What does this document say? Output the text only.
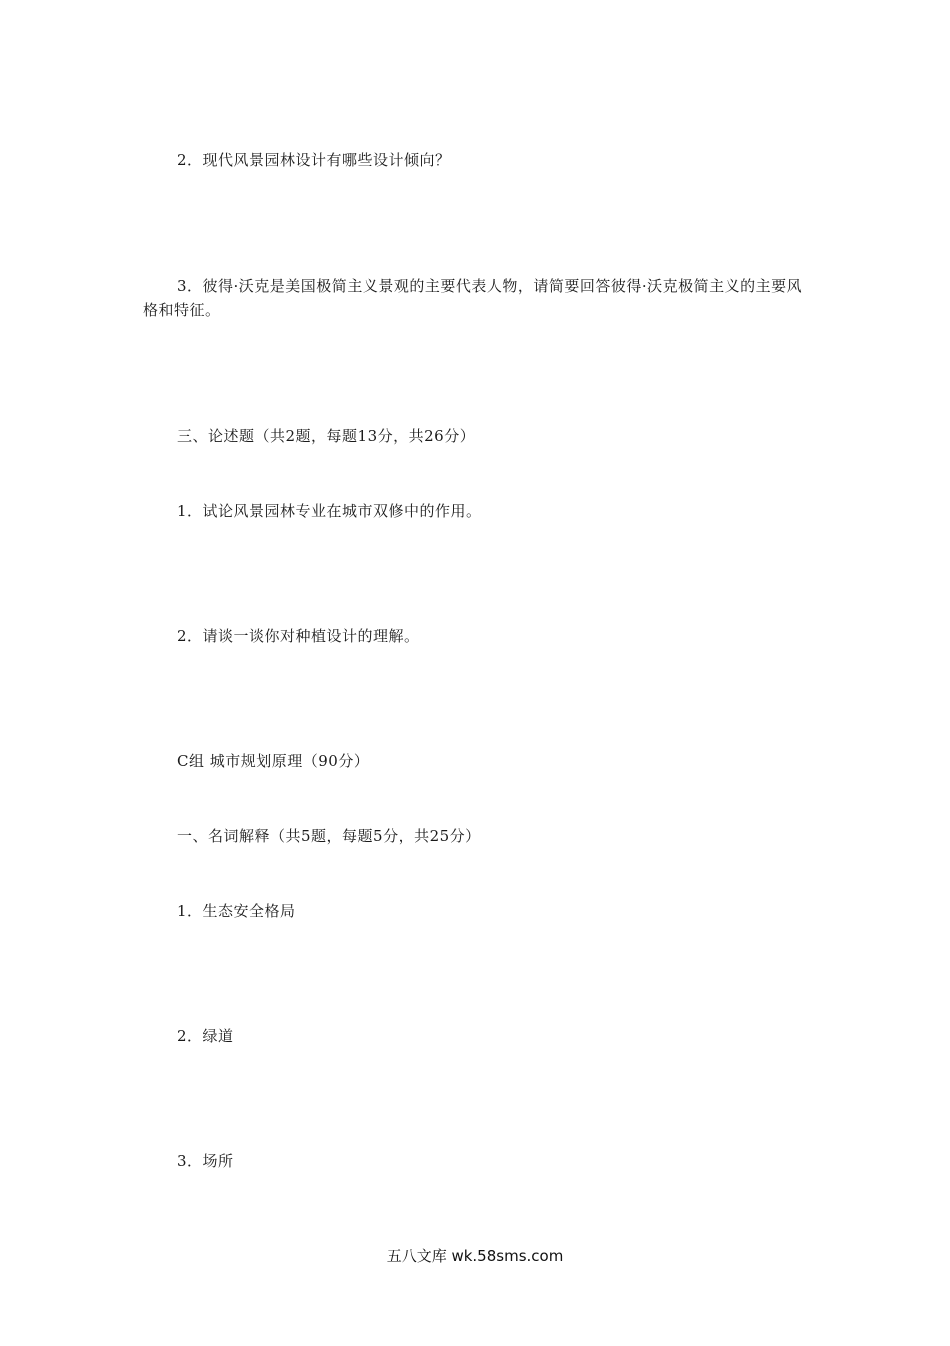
2．现代风景园林设计有哪些设计倾向？
3．彼得·沃克是美国极简主义景观的主要代表人物，请简要回答彼得·沃克极简主义的主要风格和特征。
三、论述题（共2题，每题13分，共26分）
1．试论风景园林专业在城市双修中的作用。
2．请谈一谈你对种植设计的理解。
C组 城市规划原理（90分）
一、名词解释（共5题，每题5分，共25分）
1．生态安全格局
2．绿道
3．场所
五八文库 wk.58sms.com
